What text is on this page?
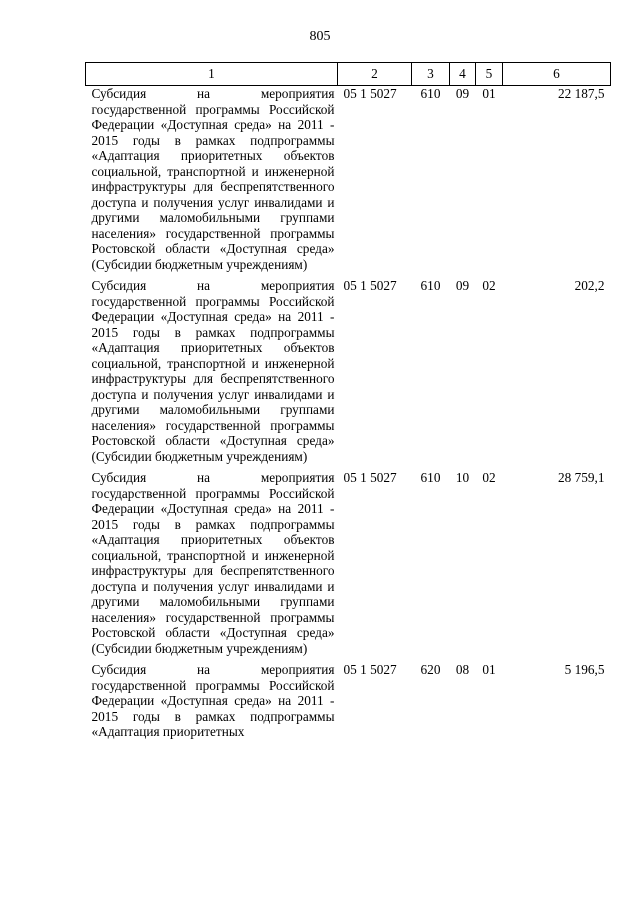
805
1	2	3	4	5	6
Субсидия на мероприятия государственной программы Российской Федерации «Доступная среда» на 2011 - 2015 годы в рамках подпрограммы «Адаптация приоритетных объектов социальной, транспортной и инженерной инфраструктуры для беспрепятственного доступа и получения услуг инвалидами и другими маломобильными группами населения» государственной программы Ростовской области «Доступная среда» (Субсидии бюджетным учреждениям)	05 1 5027	610	09	01	22 187,5
Субсидия на мероприятия государственной программы Российской Федерации «Доступная среда» на 2011 - 2015 годы в рамках подпрограммы «Адаптация приоритетных объектов социальной, транспортной и инженерной инфраструктуры для беспрепятственного доступа и получения услуг инвалидами и другими маломобильными группами населения» государственной программы Ростовской области «Доступная среда» (Субсидии бюджетным учреждениям)	05 1 5027	610	09	02	202,2
Субсидия на мероприятия государственной программы Российской Федерации «Доступная среда» на 2011 - 2015 годы в рамках подпрограммы «Адаптация приоритетных объектов социальной, транспортной и инженерной инфраструктуры для беспрепятственного доступа и получения услуг инвалидами и другими маломобильными группами населения» государственной программы Ростовской области «Доступная среда» (Субсидии бюджетным учреждениям)	05 1 5027	610	10	02	28 759,1
Субсидия на мероприятия государственной программы Российской Федерации «Доступная среда» на 2011 - 2015 годы в рамках подпрограммы «Адаптация приоритетных	05 1 5027	620	08	01	5 196,5
